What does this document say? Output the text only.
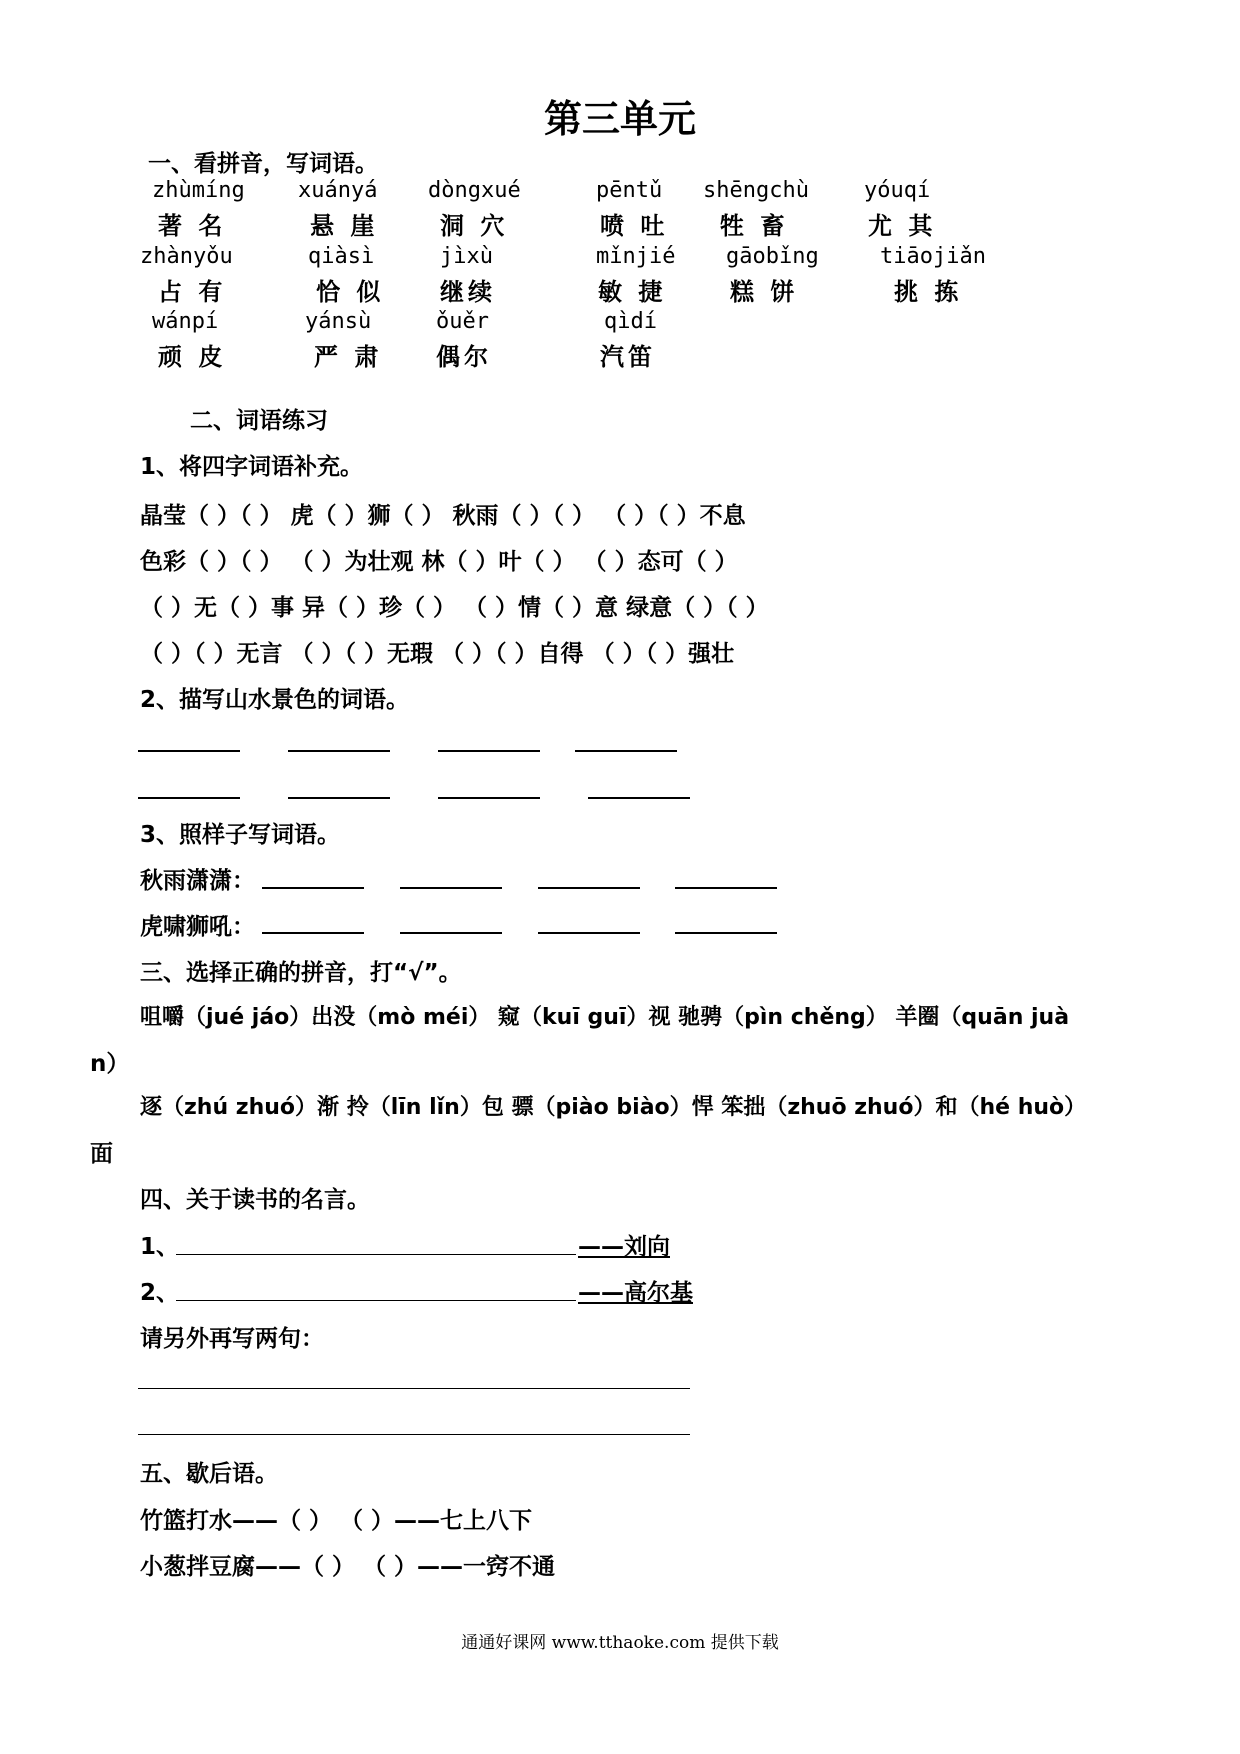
第三单元
一、看拼音，写词语。
zhùmíng
著 名
xuányá
悬 崖
dòngxué
洞 穴
pēntǔ
喷 吐
shēngchù
牲 畜
yóuqí
尤 其
zhànyǒu
占 有
qiàsì
恰 似
jìxù
继续
mǐnjié
敏 捷
gāobǐng
糕 饼
tiāojiǎn
挑 拣
wánpí
顽 皮
yánsù
严 肃
ǒuěr
偶尔
qìdí
汽笛
二、词语练习
1、将四字词语补充。
晶莹（ ）（ ） 虎（ ）狮（ ） 秋雨（ ）（ ） （ ）（ ）不息
色彩（ ）（ ） （ ）为壮观 林（ ）叶（ ） （ ）态可（ ）
（ ）无（ ）事 异（ ）珍（ ） （ ）情（ ）意 绿意（ ）（ ）
（ ）（ ）无言 （ ）（ ）无瑕 （ ）（ ）自得 （ ）（ ）强壮
2、描写山水景色的词语。
3、照样子写词语。
秋雨潇潇：
虎啸狮吼：
三、选择正确的拼音，打“√”。
咀嚼（jué jáo）出没（mò méi） 窥（kuī guī）视 驰骋（pìn chěng） 羊圈（quān juà
n）
逐（zhú zhuó）渐 拎（līn lǐn）包 骠（piào biào）悍 笨拙（zhuō zhuó）和（hé huò）
面
四、关于读书的名言。
1、	——刘向
2、	——高尔基
请另外再写两句：
五、歇后语。
竹篮打水——（ ） （ ）——七上八下
小葱拌豆腐——（ ） （ ）——一窍不通
通通好课网 www.tthaoke.com 提供下载
